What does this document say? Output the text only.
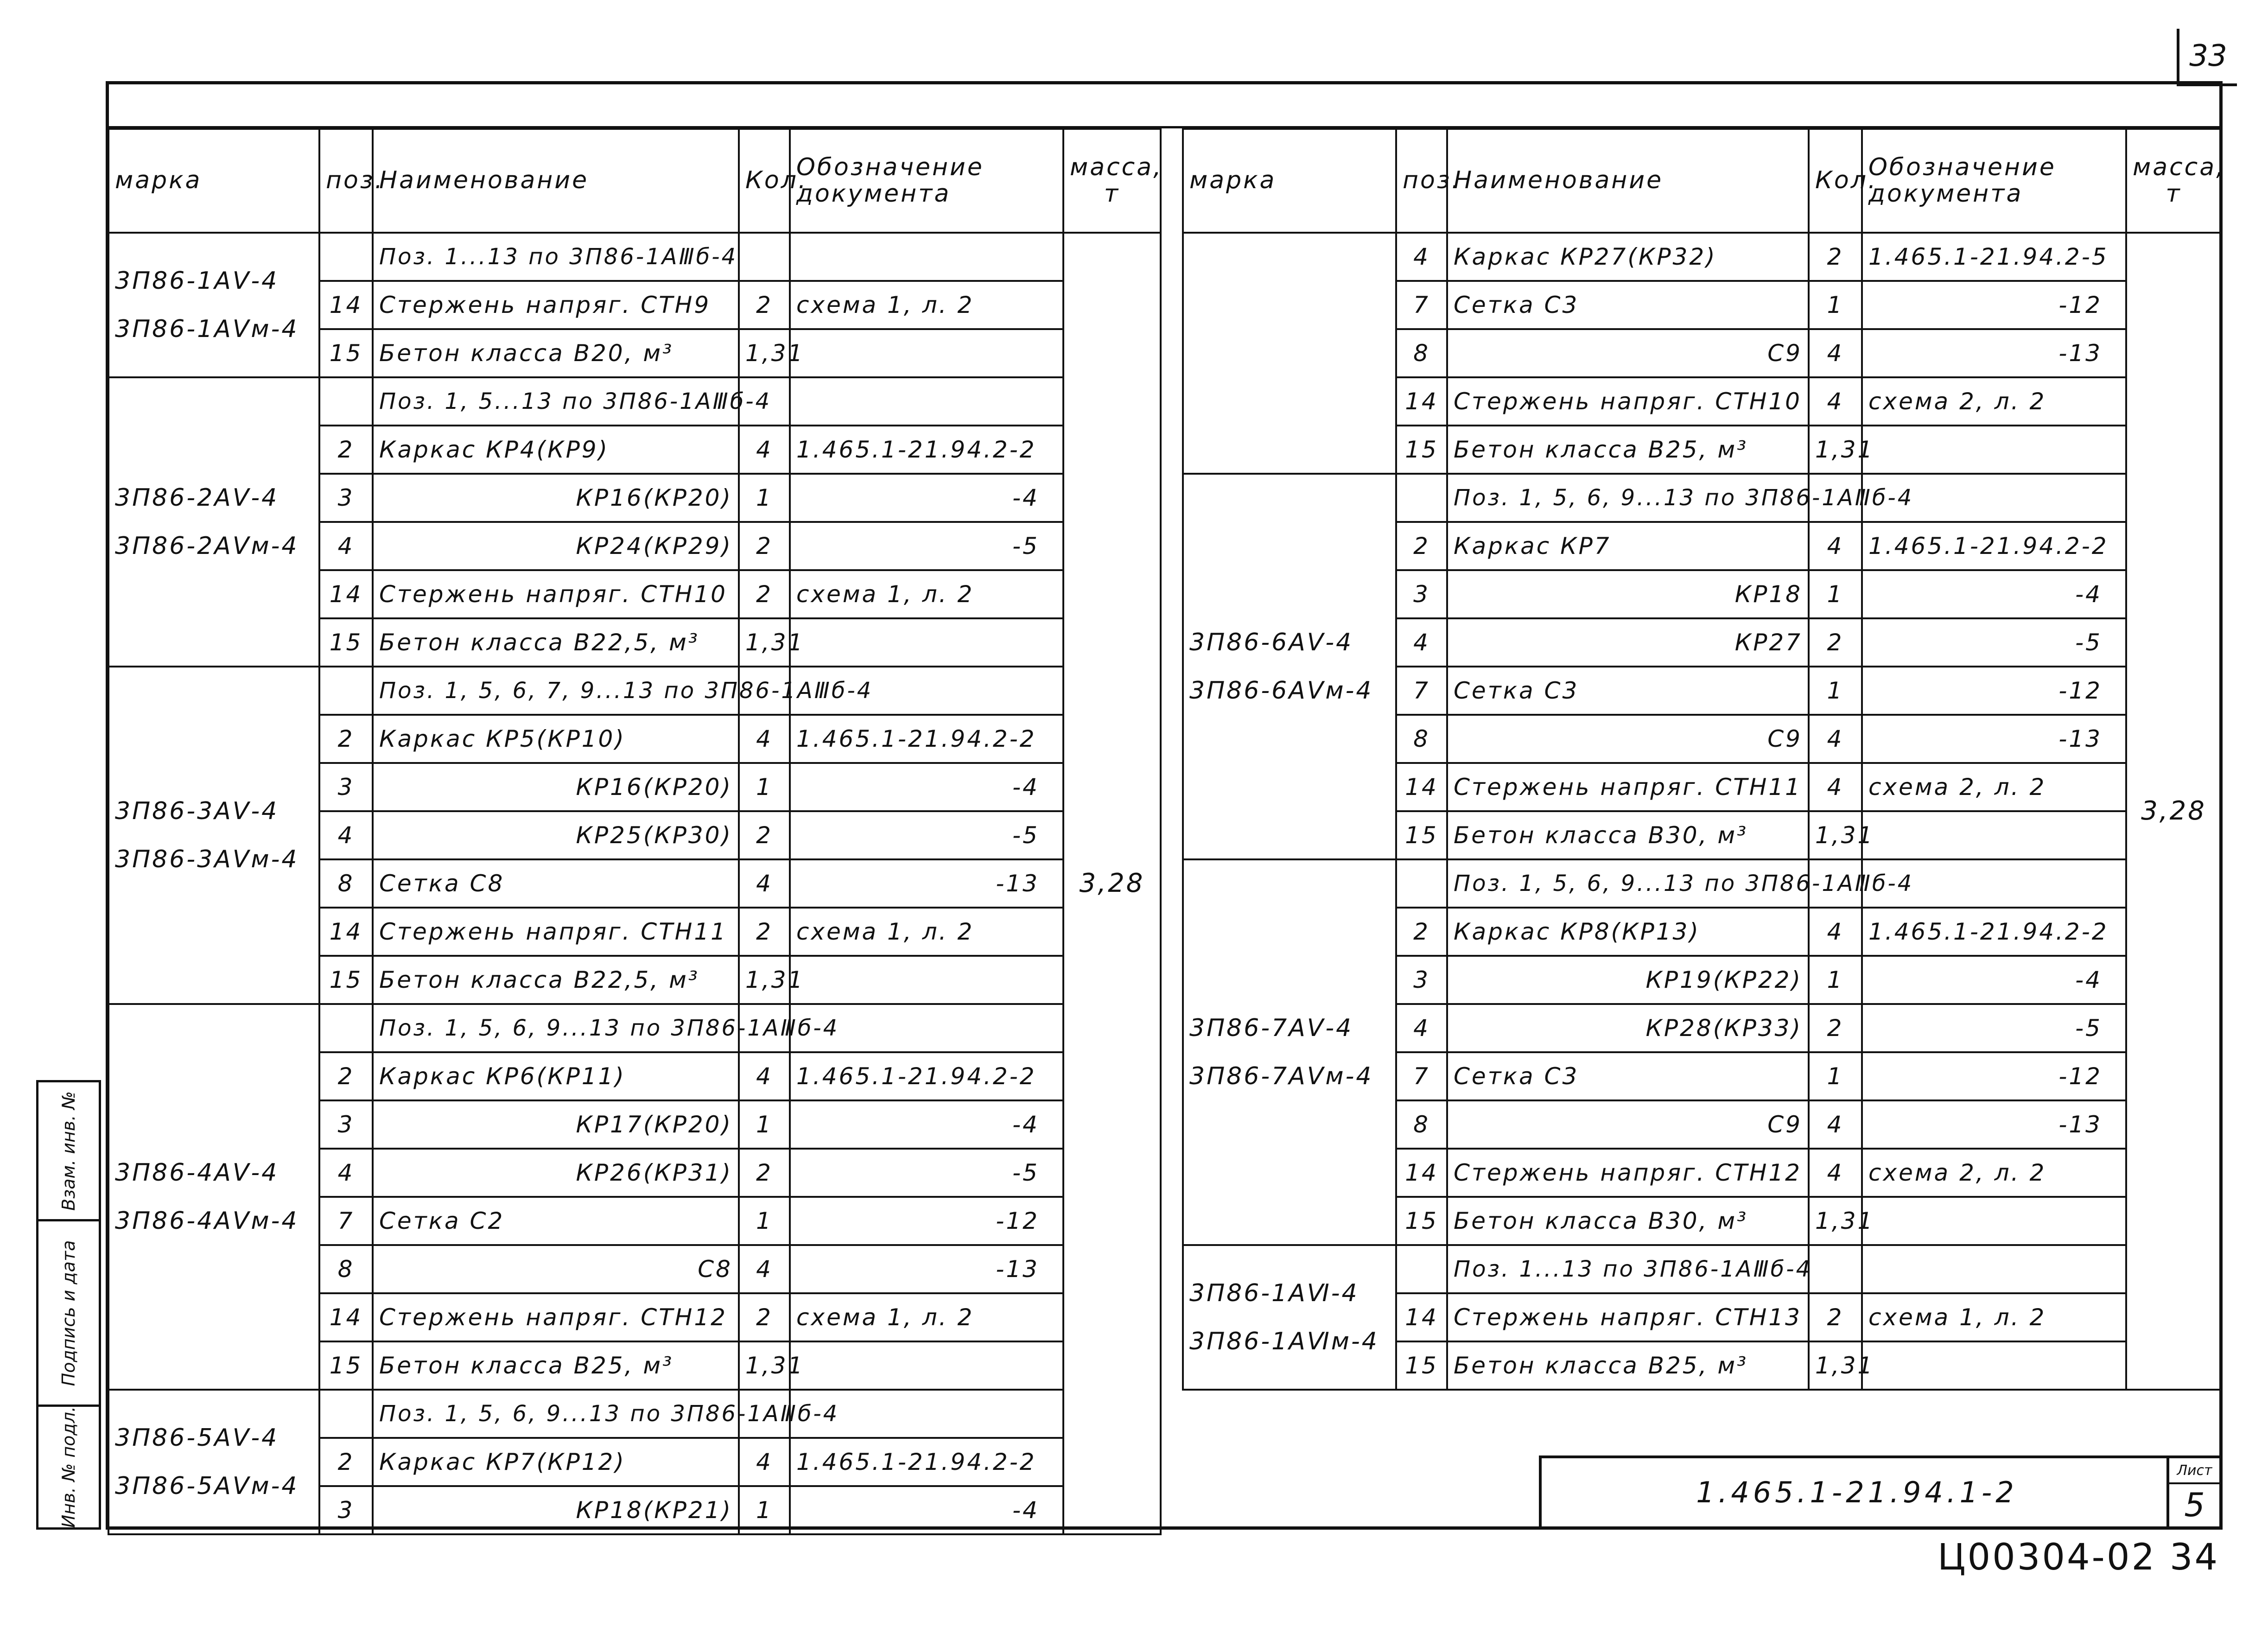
33
марка	поз.	Наименование	Кол.	Обозначение документа	масса, т

3П86-1АⅤ-4
3П86-1АⅤм-4		Поз. 1...13 по 3П86-1АⅢб-4			3,28
	14	Стержень напряг. СТН9	2	схема 1, л. 2	
	15	Бетон класса В20, м³	1,31		

3П86-2АⅤ-4
3П86-2АⅤм-4		Поз. 1, 5...13 по 3П86-1АⅢб-4			
	2	Каркас КР4(КР9)	4	1.465.1-21.94.2-2	
	3	КР16(КР20)	1	-4	
	4	КР24(КР29)	2	-5	
	14	Стержень напряг. СТН10	2	схема 1, л. 2	
	15	Бетон класса В22,5, м³	1,31		

3П86-3АⅤ-4
3П86-3АⅤм-4		Поз. 1, 5, 6, 7, 9...13 по 3П86-1АⅢб-4			
	2	Каркас КР5(КР10)	4	1.465.1-21.94.2-2	
	3	КР16(КР20)	1	-4	
	4	КР25(КР30)	2	-5	
	8	Сетка С8	4	-13	
	14	Стержень напряг. СТН11	2	схема 1, л. 2	
	15	Бетон класса В22,5, м³	1,31		

3П86-4АⅤ-4
3П86-4АⅤм-4		Поз. 1, 5, 6, 9...13 по 3П86-1АⅢб-4			
	2	Каркас КР6(КР11)	4	1.465.1-21.94.2-2	
	3	КР17(КР20)	1	-4	
	4	КР26(КР31)	2	-5	
	7	Сетка С2	1	-12	
	8	С8	4	-13	
	14	Стержень напряг. СТН12	2	схема 1, л. 2	
	15	Бетон класса В25, м³	1,31		

3П86-5АⅤ-4
3П86-5АⅤм-4		Поз. 1, 5, 6, 9...13 по 3П86-1АⅢб-4			
	2	Каркас КР7(КР12)	4	1.465.1-21.94.2-2	
	3	КР18(КР21)	1	-4	
марка	поз.	Наименование	Кол.	Обозначение документа	масса, т
	4	Каркас КР27(КР32)	2	1.465.1-21.94.2-5	3,28
	7	Сетка С3	1	-12	
	8	С9	4	-13	
	14	Стержень напряг. СТН10	4	схема 2, л. 2	
	15	Бетон класса В25, м³	1,31		

3П86-6АⅤ-4
3П86-6АⅤм-4		Поз. 1, 5, 6, 9...13 по 3П86-1АⅢб-4			
	2	Каркас КР7	4	1.465.1-21.94.2-2	
	3	КР18	1	-4	
	4	КР27	2	-5	
	7	Сетка С3	1	-12	
	8	С9	4	-13	
	14	Стержень напряг. СТН11	4	схема 2, л. 2	
	15	Бетон класса В30, м³	1,31		

3П86-7АⅤ-4
3П86-7АⅤм-4		Поз. 1, 5, 6, 9...13 по 3П86-1АⅢб-4			
	2	Каркас КР8(КР13)	4	1.465.1-21.94.2-2	
	3	КР19(КР22)	1	-4	
	4	КР28(КР33)	2	-5	
	7	Сетка С3	1	-12	
	8	С9	4	-13	
	14	Стержень напряг. СТН12	4	схема 2, л. 2	
	15	Бетон класса В30, м³	1,31		

3П86-1АⅥ-4
3П86-1АⅥм-4		Поз. 1...13 по 3П86-1АⅢб-4			
	14	Стержень напряг. СТН13	2	схема 1, л. 2	
	15	Бетон класса В25, м³	1,31		
1.465.1-21.94.1-2
Лист
5
Ц00304-02 34
Взам. инв. №
Подпись и дата
Инв. № подл.
